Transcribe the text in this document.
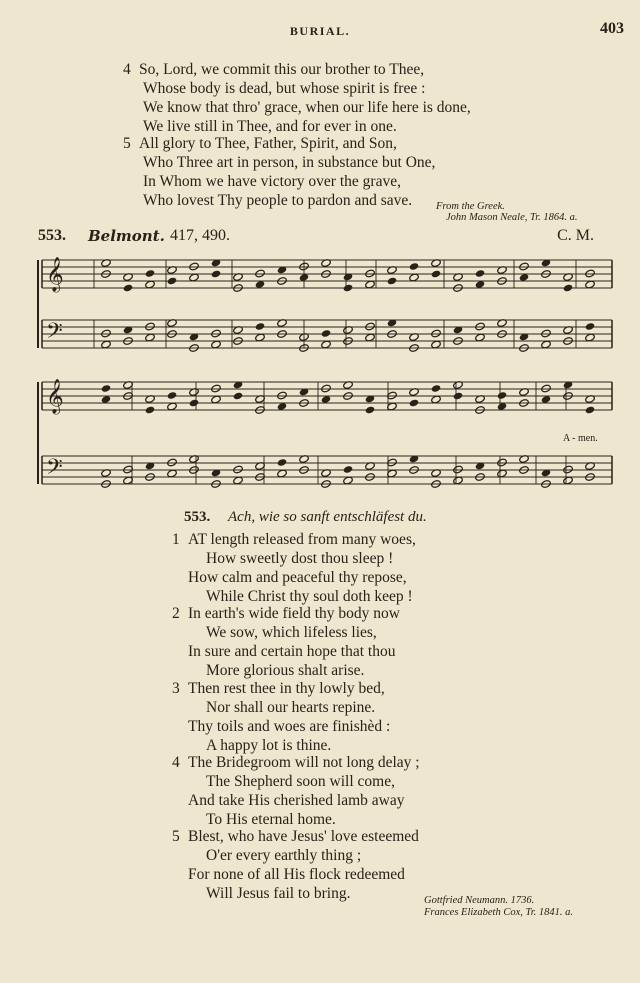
BURIAL.	403
4 So, Lord, we commit this our brother to Thee,
Whose body is dead, but whose spirit is free :
We know that thro' grace, when our life here is done,
We live still in Thee, and for ever in one.
5 All glory to Thee, Father, Spirit, and Son,
Who Three art in person, in substance but One,
In Whom we have victory over the grave,
Who lovest Thy people to pardon and save.	From the Greek.
John Mason Neale, Tr. 1864. a.
553. Belmont. 417, 490.	C. M.
𝄞
𝄞
𝄢
𝄢
A - men.
553. Ach, wie so sanft entschläfest du.
1 AT length released from many woes,
How sweetly dost thou sleep !
How calm and peaceful thy repose,
While Christ thy soul doth keep !
2 In earth's wide field thy body now
We sow, which lifeless lies,
In sure and certain hope that thou
More glorious shalt arise.
3 Then rest thee in thy lowly bed,
Nor shall our hearts repine.
Thy toils and woes are finishèd :
A happy lot is thine.
4 The Bridegroom will not long delay ;
The Shepherd soon will come,
And take His cherished lamb away
To His eternal home.
5 Blest, who have Jesus' love esteemed
O'er every earthly thing ;
For none of all His flock redeemed
Will Jesus fail to bring.	Gottfried Neumann. 1736.
Frances Elizabeth Cox, Tr. 1841. a.
